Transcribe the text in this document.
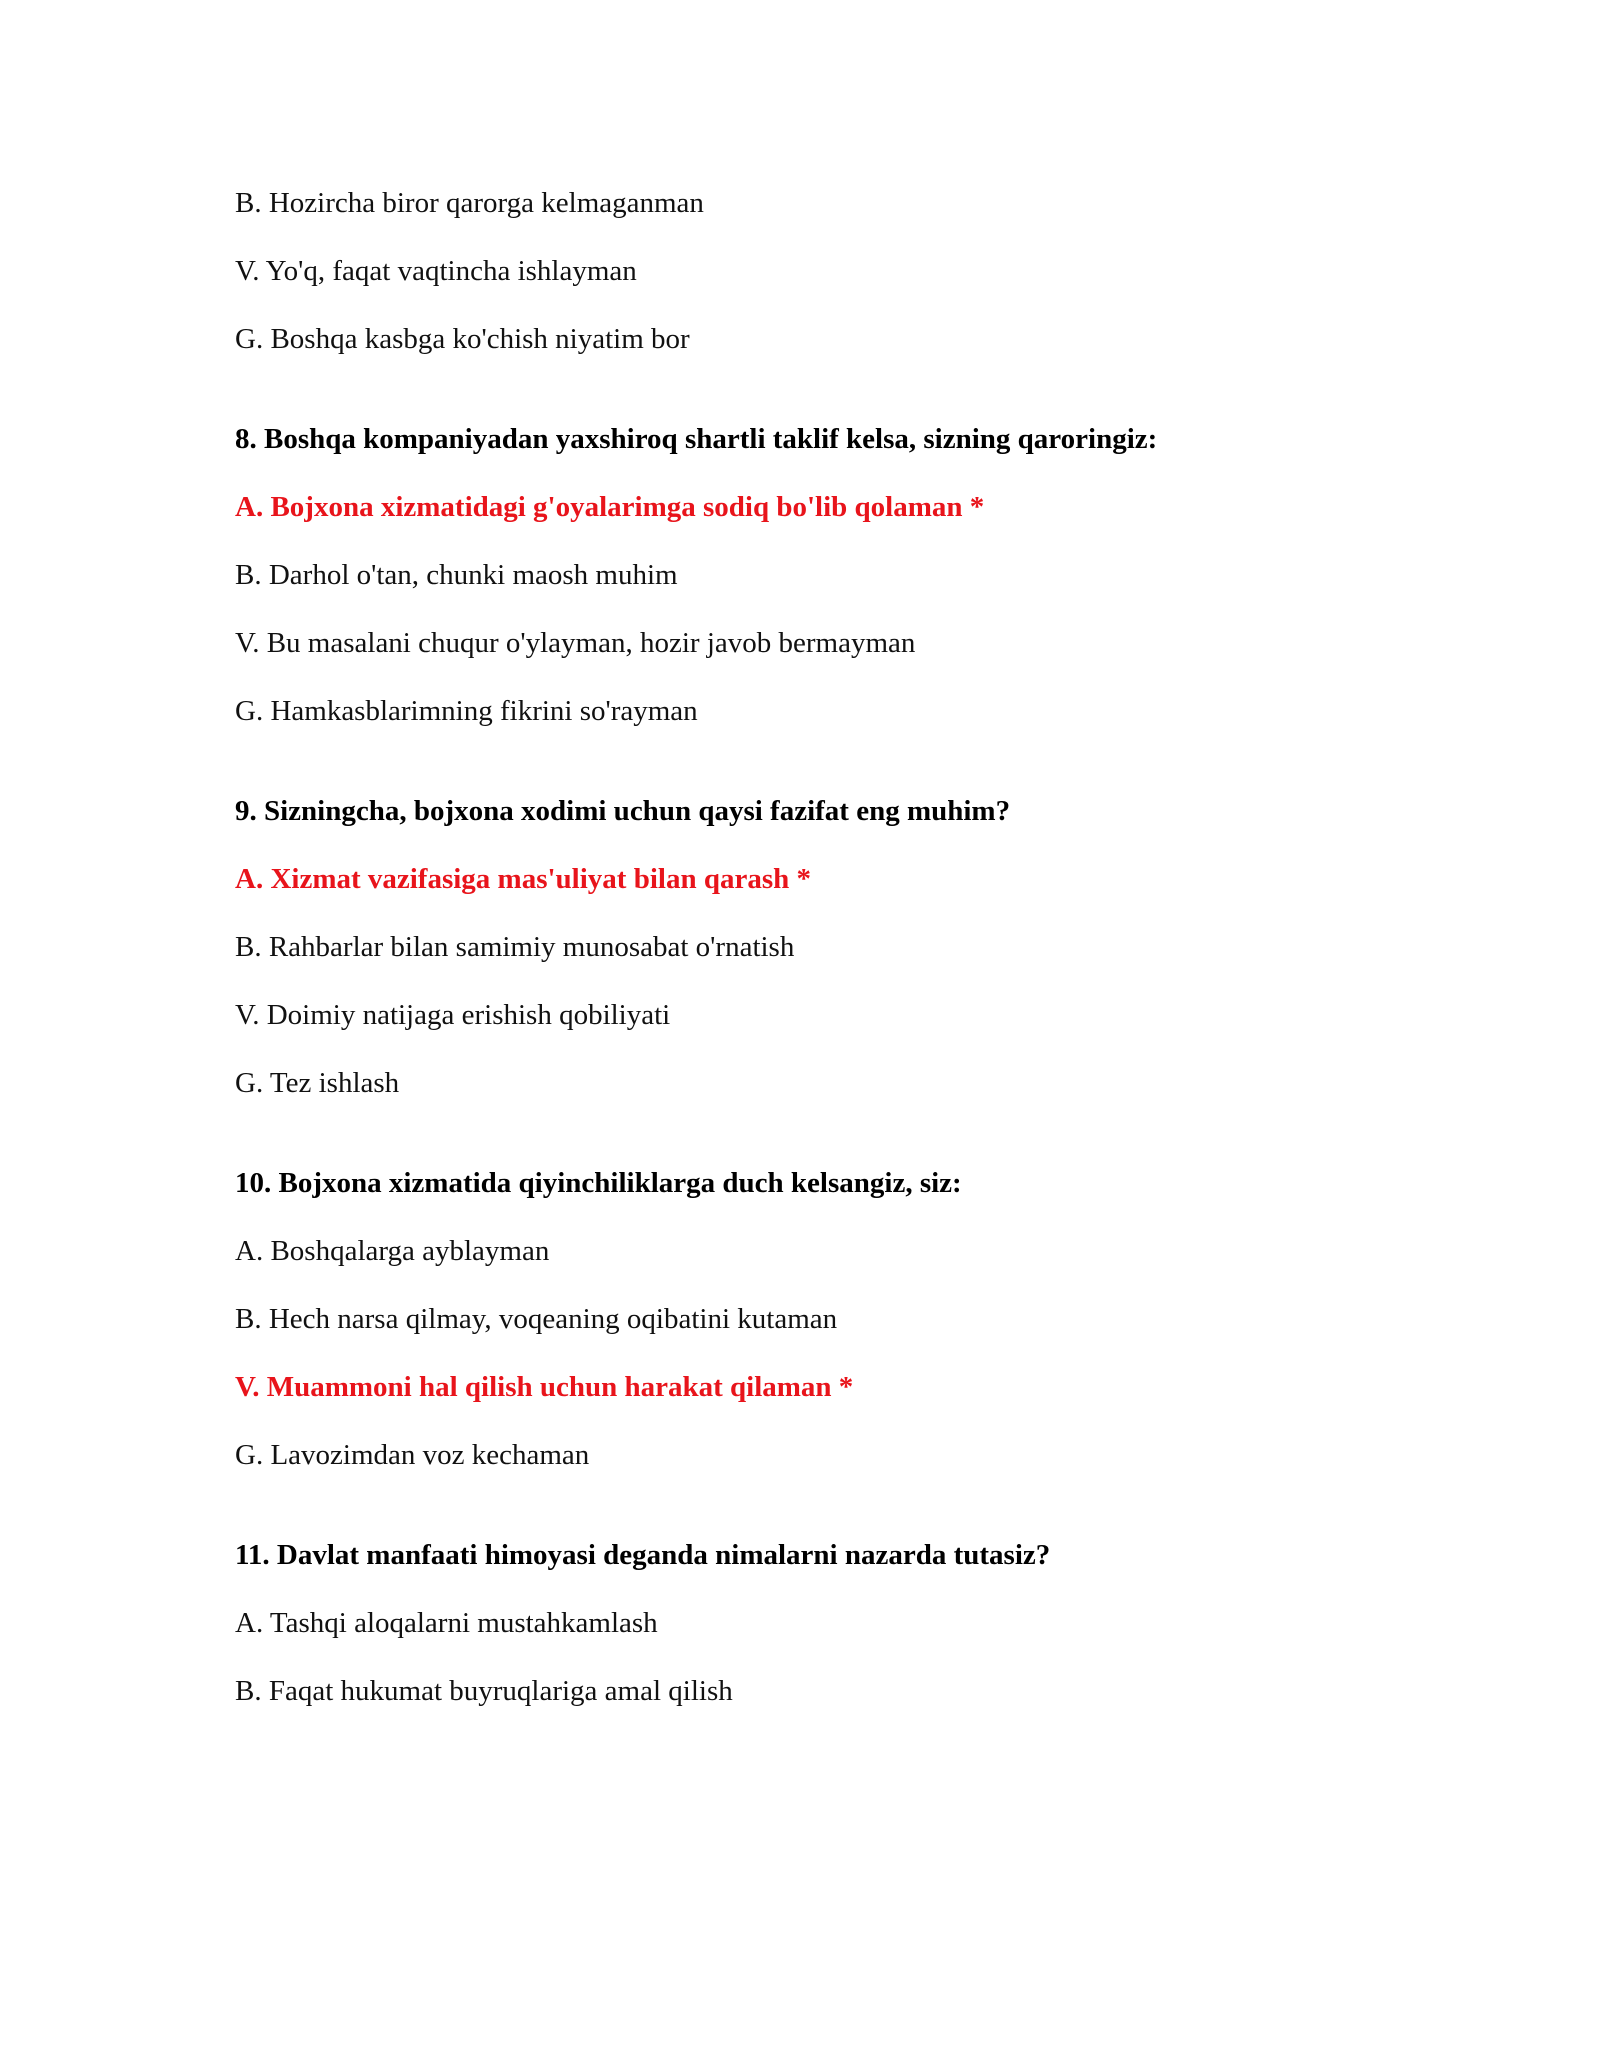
B. Hozircha biror qarorga kelmaganman
V. Yo'q, faqat vaqtincha ishlayman
G. Boshqa kasbga ko'chish niyatim bor
8. Boshqa kompaniyadan yaxshiroq shartli taklif kelsa, sizning qaroringiz:
A. Bojxona xizmatidagi g'oyalarimga sodiq bo'lib qolaman *
B. Darhol o'tan, chunki maosh muhim
V. Bu masalani chuqur o'ylayman, hozir javob bermayman
G. Hamkasblarimning fikrini so'rayman
9. Sizningcha, bojxona xodimi uchun qaysi fazifat eng muhim?
A. Xizmat vazifasiga mas'uliyat bilan qarash *
B. Rahbarlar bilan samimiy munosabat o'rnatish
V. Doimiy natijaga erishish qobiliyati
G. Tez ishlash
10. Bojxona xizmatida qiyinchiliklarga duch kelsangiz, siz:
A. Boshqalarga ayblayman
B. Hech narsa qilmay, voqeaning oqibatini kutaman
V. Muammoni hal qilish uchun harakat qilaman *
G. Lavozimdan voz kechaman
11. Davlat manfaati himoyasi deganda nimalarni nazarda tutasiz?
A. Tashqi aloqalarni mustahkamlash
B. Faqat hukumat buyruqlariga amal qilish
